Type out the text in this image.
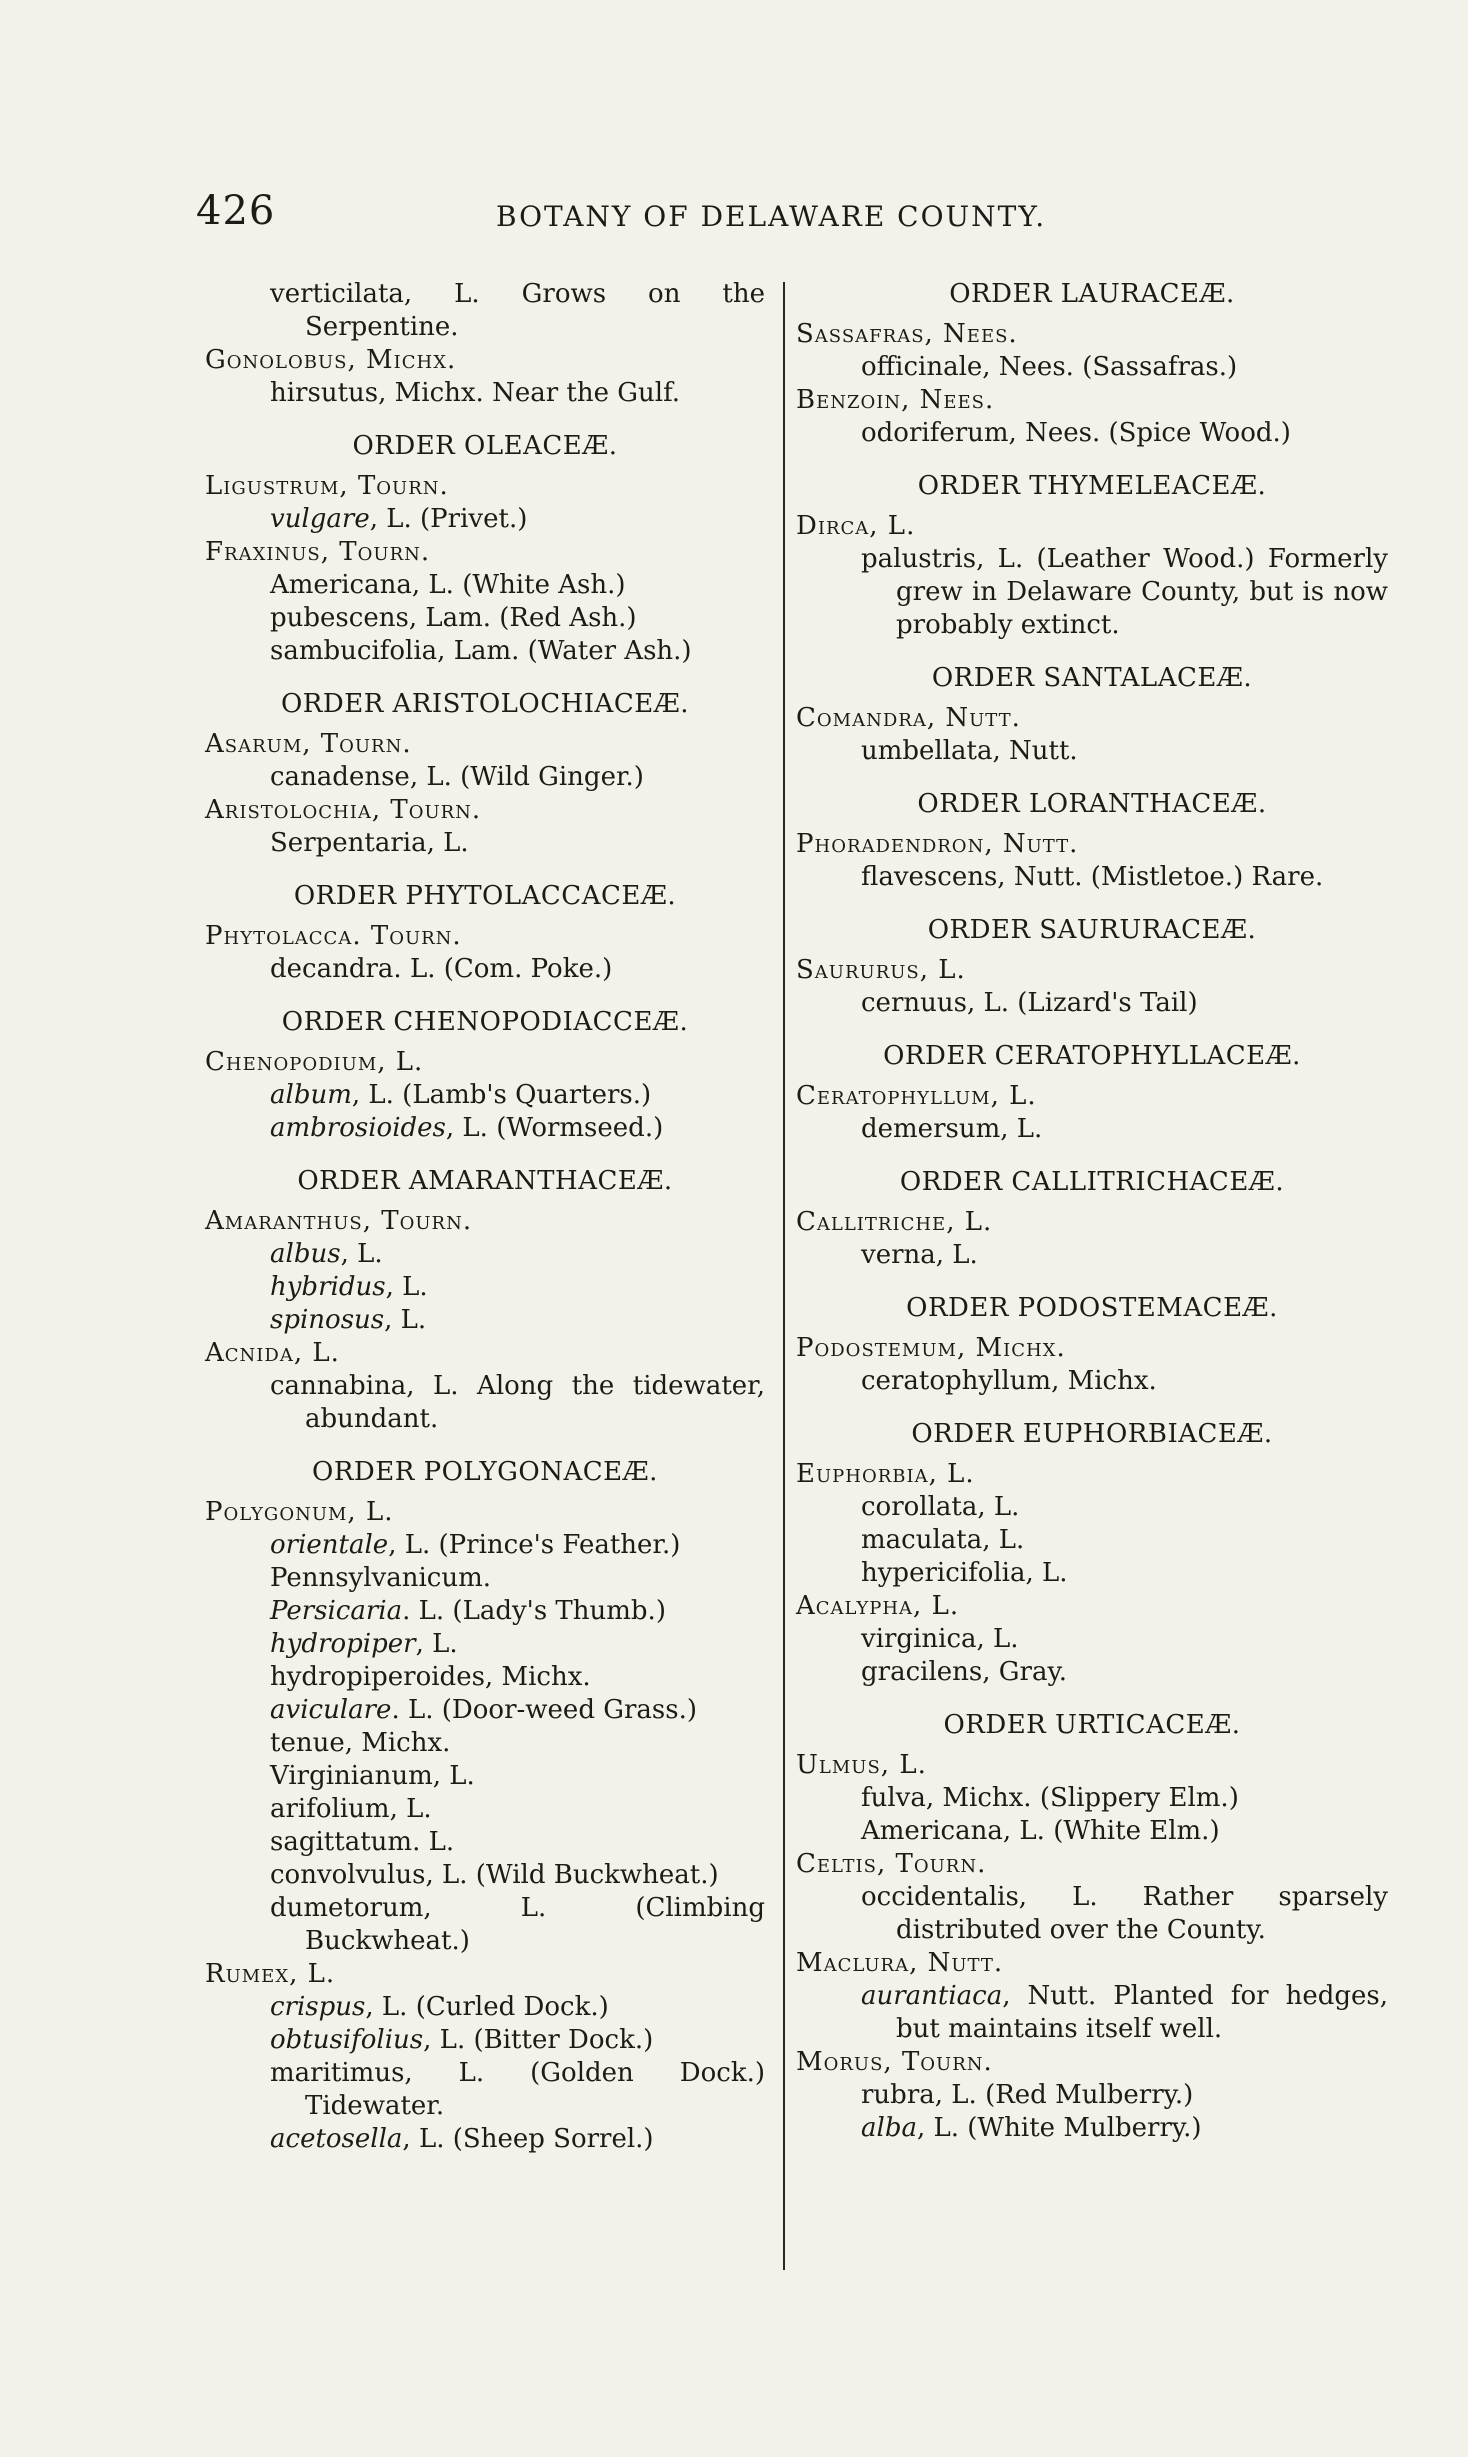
426	BOTANY OF DELAWARE COUNTY.
verticilata, L. Grows on the Serpentine.
Gonolobus, Michx.
hirsutus, Michx. Near the Gulf.
ORDER OLEACEÆ.
Ligustrum, Tourn.
vulgare, L. (Privet.)
Fraxinus, Tourn.
Americana, L. (White Ash.)
pubescens, Lam. (Red Ash.)
sambucifolia, Lam. (Water Ash.)
ORDER ARISTOLOCHIACEÆ.
Asarum, Tourn.
canadense, L. (Wild Ginger.)
Aristolochia, Tourn.
Serpentaria, L.
ORDER PHYTOLACCACEÆ.
Phytolacca. Tourn.
decandra. L. (Com. Poke.)
ORDER CHENOPODIACCEÆ.
Chenopodium, L.
album, L. (Lamb's Quarters.)
ambrosioides, L. (Wormseed.)
ORDER AMARANTHACEÆ.
Amaranthus, Tourn.
albus, L.
hybridus, L.
spinosus, L.
Acnida, L.
cannabina, L. Along the tidewater, abundant.
ORDER POLYGONACEÆ.
Polygonum, L.
orientale, L. (Prince's Feather.)
Pennsylvanicum.
Persicaria. L. (Lady's Thumb.)
hydropiper, L.
hydropiperoides, Michx.
aviculare. L. (Door-weed Grass.)
tenue, Michx.
Virginianum, L.
arifolium, L.
sagittatum. L.
convolvulus, L. (Wild Buckwheat.)
dumetorum, L. (Climbing Buckwheat.)
Rumex, L.
crispus, L. (Curled Dock.)
obtusifolius, L. (Bitter Dock.)
maritimus, L. (Golden Dock.) Tidewater.
acetosella, L. (Sheep Sorrel.)
ORDER LAURACEÆ.
Sassafras, Nees.
officinale, Nees. (Sassafras.)
Benzoin, Nees.
odoriferum, Nees. (Spice Wood.)
ORDER THYMELEACEÆ.
Dirca, L.
palustris, L. (Leather Wood.) Formerly grew in Delaware County, but is now probably extinct.
ORDER SANTALACEÆ.
Comandra, Nutt.
umbellata, Nutt.
ORDER LORANTHACEÆ.
Phoradendron, Nutt.
flavescens, Nutt. (Mistletoe.) Rare.
ORDER SAURURACEÆ.
Saururus, L.
cernuus, L. (Lizard's Tail)
ORDER CERATOPHYLLACEÆ.
Ceratophyllum, L.
demersum, L.
ORDER CALLITRICHACEÆ.
Callitriche, L.
verna, L.
ORDER PODOSTEMACEÆ.
Podostemum, Michx.
ceratophyllum, Michx.
ORDER EUPHORBIACEÆ.
Euphorbia, L.
corollata, L.
maculata, L.
hypericifolia, L.
Acalypha, L.
virginica, L.
gracilens, Gray.
ORDER URTICACEÆ.
Ulmus, L.
fulva, Michx. (Slippery Elm.)
Americana, L. (White Elm.)
Celtis, Tourn.
occidentalis, L. Rather sparsely distributed over the County.
Maclura, Nutt.
aurantiaca, Nutt. Planted for hedges, but maintains itself well.
Morus, Tourn.
rubra, L. (Red Mulberry.)
alba, L. (White Mulberry.)
